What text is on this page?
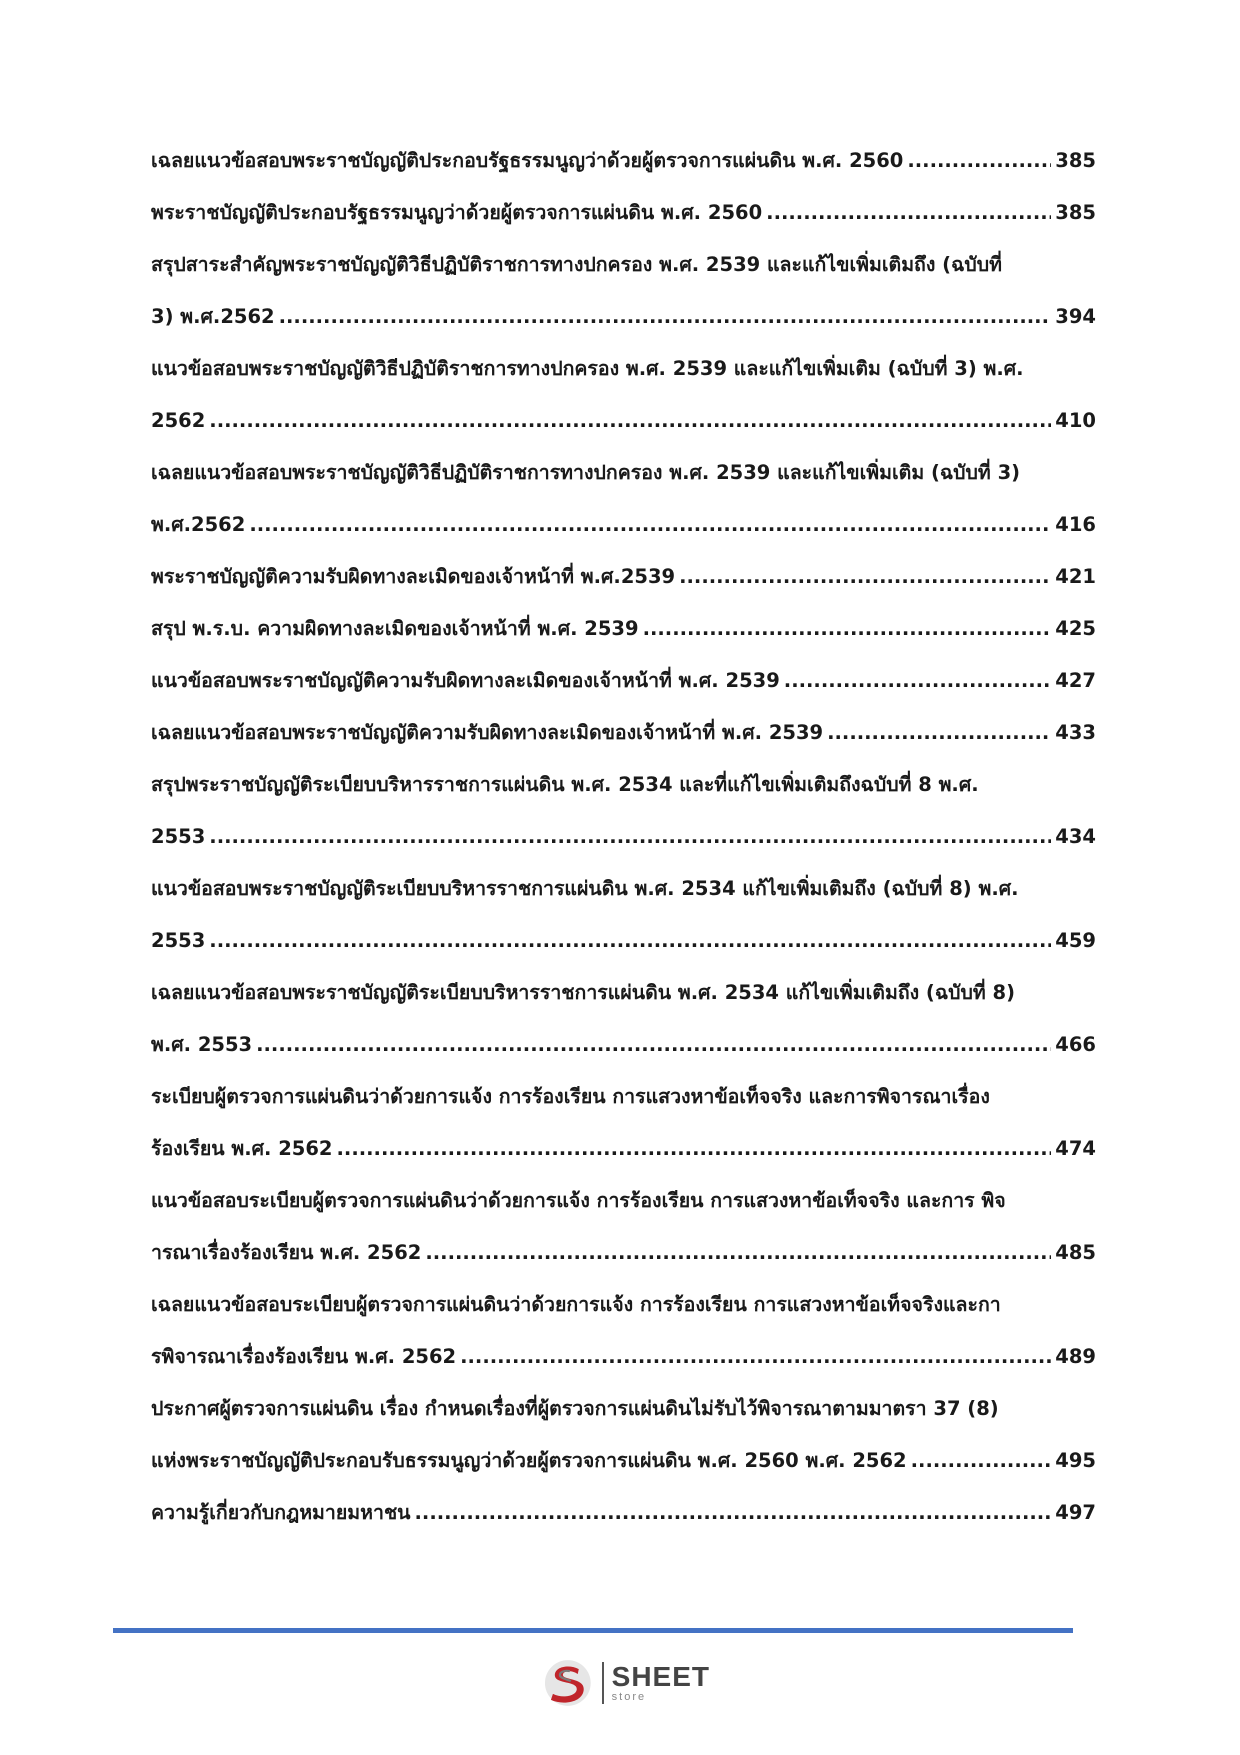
เฉลยแนวข้อสอบพระราชบัญญัติประกอบรัฐธรรมนูญว่าด้วยผู้ตรวจการแผ่นดิน พ.ศ. 2560 .....	385
พระราชบัญญัติประกอบรัฐธรรมนูญว่าด้วยผู้ตรวจการแผ่นดิน พ.ศ. 2560 .....	385
สรุปสาระสำคัญพระราชบัญญัติวิธีปฏิบัติราชการทางปกครอง พ.ศ. 2539 และแก้ไขเพิ่มเติมถึง (ฉบับที่
3) พ.ศ.2562 .....	394
แนวข้อสอบพระราชบัญญัติวิธีปฏิบัติราชการทางปกครอง พ.ศ. 2539 และแก้ไขเพิ่มเติม (ฉบับที่ 3) พ.ศ.
2562 .....	410
เฉลยแนวข้อสอบพระราชบัญญัติวิธีปฏิบัติราชการทางปกครอง พ.ศ. 2539 และแก้ไขเพิ่มเติม (ฉบับที่ 3)
พ.ศ.2562 .....	416
พระราชบัญญัติความรับผิดทางละเมิดของเจ้าหน้าที่ พ.ศ.2539 .....	421
สรุป พ.ร.บ. ความผิดทางละเมิดของเจ้าหน้าที่ พ.ศ. 2539 .....	425
แนวข้อสอบพระราชบัญญัติความรับผิดทางละเมิดของเจ้าหน้าที่ พ.ศ. 2539 .....	427
เฉลยแนวข้อสอบพระราชบัญญัติความรับผิดทางละเมิดของเจ้าหน้าที่ พ.ศ. 2539 .....	433
สรุปพระราชบัญญัติระเบียบบริหารราชการแผ่นดิน พ.ศ. 2534 และที่แก้ไขเพิ่มเติมถึงฉบับที่ 8 พ.ศ.
2553 .....	434
แนวข้อสอบพระราชบัญญัติระเบียบบริหารราชการแผ่นดิน พ.ศ. 2534 แก้ไขเพิ่มเติมถึง (ฉบับที่ 8) พ.ศ.
2553 .....	459
เฉลยแนวข้อสอบพระราชบัญญัติระเบียบบริหารราชการแผ่นดิน พ.ศ. 2534 แก้ไขเพิ่มเติมถึง (ฉบับที่ 8)
พ.ศ. 2553 .....	466
ระเบียบผู้ตรวจการแผ่นดินว่าด้วยการแจ้ง การร้องเรียน การแสวงหาข้อเท็จจริง และการพิจารณาเรื่อง
ร้องเรียน พ.ศ. 2562 .....	474
แนวข้อสอบระเบียบผู้ตรวจการแผ่นดินว่าด้วยการแจ้ง การร้องเรียน การแสวงหาข้อเท็จจริง และการ พิจ
ารณาเรื่องร้องเรียน พ.ศ. 2562 .....	485
เฉลยแนวข้อสอบระเบียบผู้ตรวจการแผ่นดินว่าด้วยการแจ้ง การร้องเรียน การแสวงหาข้อเท็จจริงและกา
รพิจารณาเรื่องร้องเรียน พ.ศ. 2562 .....	489
ประกาศผู้ตรวจการแผ่นดิน เรื่อง กำหนดเรื่องที่ผู้ตรวจการแผ่นดินไม่รับไว้พิจารณาตามมาตรา 37 (8)
แห่งพระราชบัญญัติประกอบรับธรรมนูญว่าด้วยผู้ตรวจการแผ่นดิน พ.ศ. 2560 พ.ศ. 2562 .....	495
ความรู้เกี่ยวกับกฎหมายมหาชน .....	497
SHEET
store
